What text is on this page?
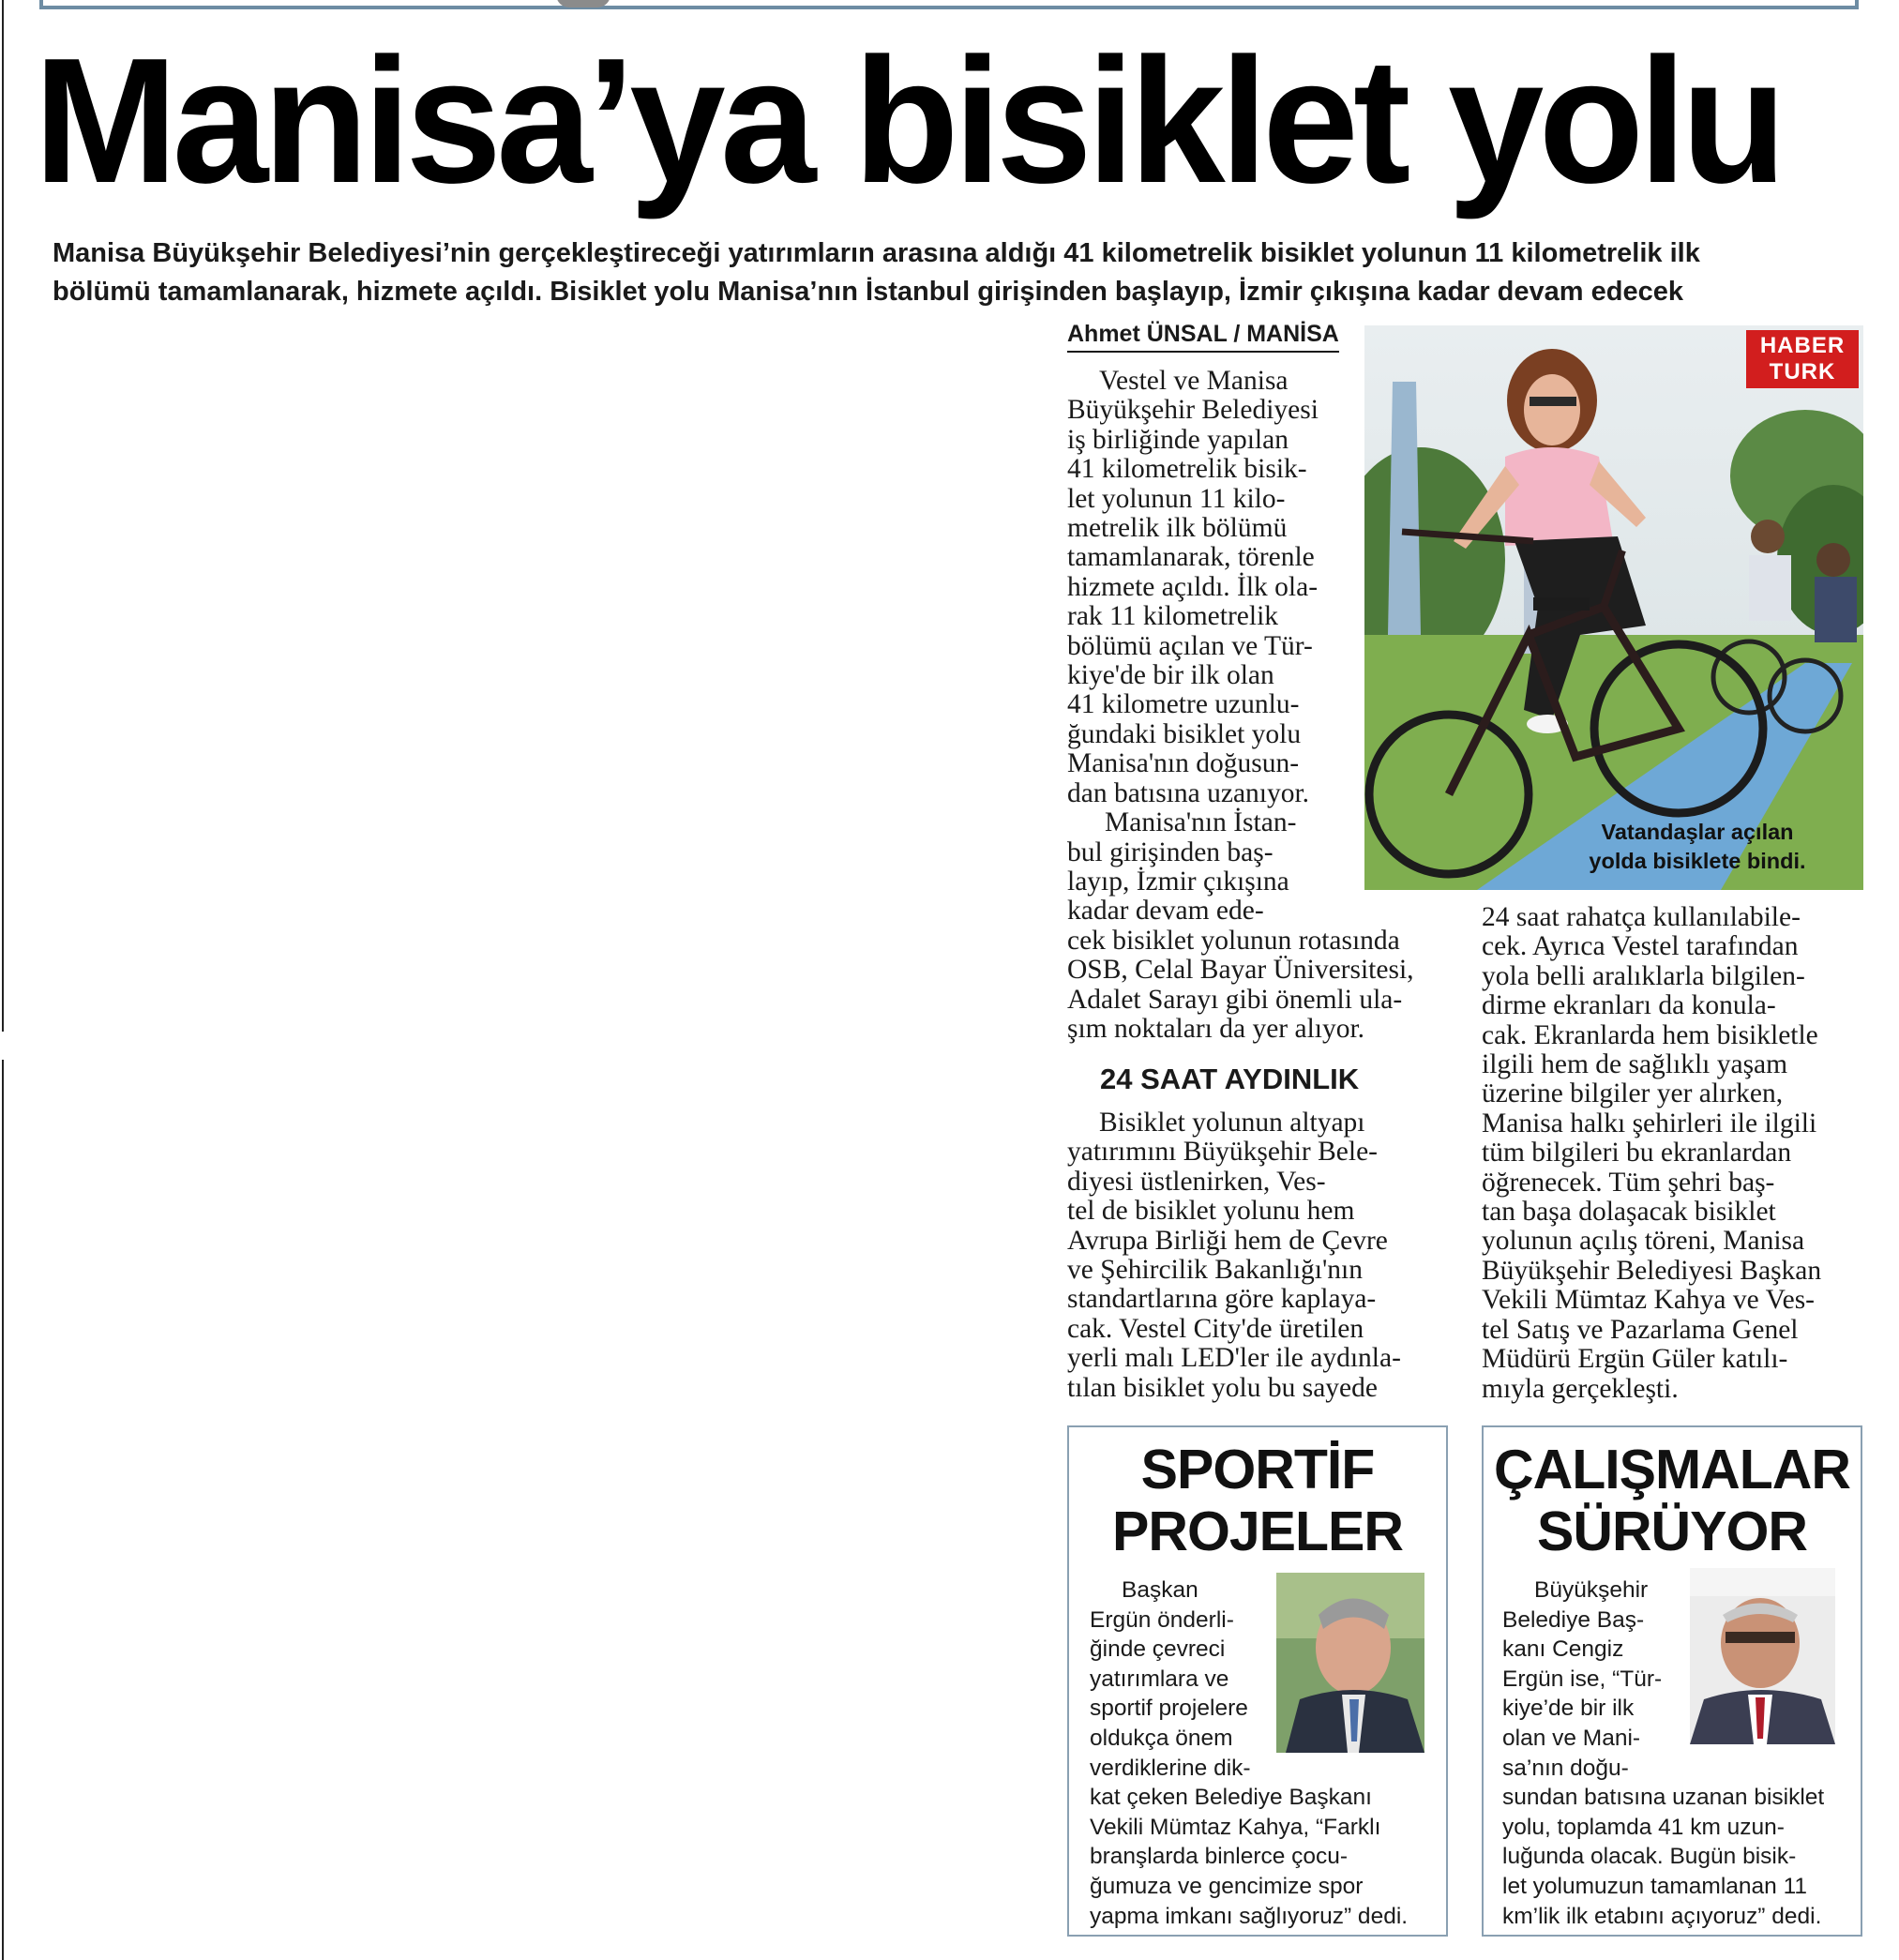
Manisa’ya bisiklet yolu
Manisa Büyükşehir Belediyesi’nin gerçekleştireceği yatırımların arasına aldığı 41 kilometrelik bisiklet yolunun 11 kilometrelik ilk
bölümü tamamlanarak, hizmete açıldı. Bisiklet yolu Manisa’nın İstanbul girişinden başlayıp, İzmir çıkışına kadar devam edecek
Ahmet ÜNSAL / MANİSA

Vestel ve Manisa
Büyükşehir Belediyesi
iş birliğinde yapılan
41 kilometrelik bisik-
let yolunun 11 kilo-
metrelik ilk bölümü
tamamlanarak, törenle
hizmete açıldı. İlk ola-
rak 11 kilometrelik
bölümü açılan ve Tür-
kiye'de bir ilk olan
41 kilometre uzunlu-
ğundaki bisiklet yolu
Manisa'nın doğusun-
dan batısına uzanıyor.

Manisa'nın İstan-
bul girişinden baş-
layıp, İzmir çıkışına
kadar devam ede-
cek bisiklet yolunun rotasında
OSB, Celal Bayar Üniversitesi,
Adalet Sarayı gibi önemli ula-
şım noktaları da yer alıyor.

24 SAAT AYDINLIK

Bisiklet yolunun altyapı
yatırımını Büyükşehir Bele-
diyesi üstlenirken, Ves-
tel de bisiklet yolunu hem
Avrupa Birliği hem de Çevre
ve Şehircilik Bakanlığı'nın
standartlarına göre kaplaya-
cak. Vestel City'de üretilen
yerli malı LED'ler ile aydınla-
tılan bisiklet yolu bu sayede

HABER
TURK
Vatandaşlar açılan
yolda bisiklete bindi.

24 saat rahatça kullanılabile-
cek. Ayrıca Vestel tarafından
yola belli aralıklarla bilgilen-
dirme ekranları da konula-
cak. Ekranlarda hem bisikletle
ilgili hem de sağlıklı yaşam
üzerine bilgiler yer alırken,
Manisa halkı şehirleri ile ilgili
tüm bilgileri bu ekranlardan
öğrenecek. Tüm şehri baş-
tan başa dolaşacak bisiklet
yolunun açılış töreni, Manisa
Büyükşehir Belediyesi Başkan
Vekili Mümtaz Kahya ve Ves-
tel Satış ve Pazarlama Genel
Müdürü Ergün Güler katılı-
mıyla gerçekleşti.

SPORTİF
PROJELER

Başkan
Ergün önderli-
ğinde çevreci
yatırımlara ve
sportif projelere
oldukça önem
verdiklerine dik-
kat çeken Belediye Başkanı
Vekili Mümtaz Kahya, “Farklı
branşlarda binlerce çocu-
ğumuza ve gencimize spor
yapma imkanı sağlıyoruz” dedi.

ÇALIŞMALAR
SÜRÜYOR

Büyükşehir
Belediye Baş-
kanı Cengiz
Ergün ise, “Tür-
kiye’de bir ilk
olan ve Mani-
sa’nın doğu-
sundan batısına uzanan bisiklet
yolu, toplamda 41 km uzun-
luğunda olacak. Bugün bisik-
let yolumuzun tamamlanan 11
km’lik ilk etabını açıyoruz” dedi.
